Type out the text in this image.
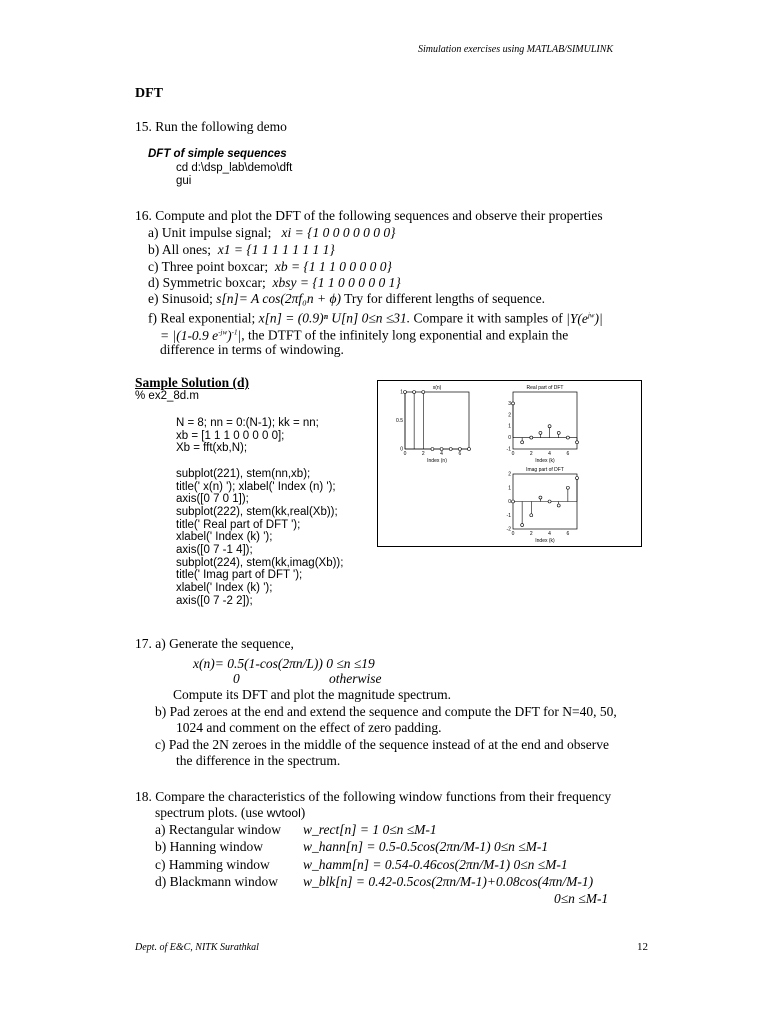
Simulation exercises using MATLAB/SIMULINK
DFT
15. Run the following demo
DFT of simple sequences
cd d:\dsp_lab\demo\dft
gui
16. Compute and plot the DFT of the following sequences and observe their properties
a) Unit impulse signal; xi = {1 0 0 0 0 0 0 0}
b) All ones; x1 = {1 1 1 1 1 1 1 1}
c) Three point boxcar; xb = {1 1 1 0 0 0 0 0}
d) Symmetric boxcar; xbsy = {1 1 0 0 0 0 0 1}
e) Sinusoid; s[n]= A cos(2πf₀n + ϕ) Try for different lengths of sequence.
f) Real exponential; x[n] = (0.9)ⁿ U[n] 0≤n ≤31. Compare it with samples of $|Y(e^{jw})|$
= |(1-0.9 $e^{-jw})^{-1}|$, the DTFT of the infinitely long exponential and explain the
difference in terms of windowing.
Sample Solution (d)
% ex2_8d.m
N = 8; nn = 0:(N-1); kk = nn;
xb = [1 1 1 0 0 0 0 0];
Xb = fft(xb,N);
subplot(221), stem(nn,xb);
title(' x(n) '); xlabel(' Index (n) ');
axis([0 7 0 1]);
subplot(222), stem(kk,real(Xb));
title(' Real part of DFT ');
xlabel(' Index (k) ');
axis([0 7 -1 4]);
subplot(224), stem(kk,imag(Xb));
title(' Imag part of DFT ');
xlabel(' Index (k) ');
axis([0 7 -2 2]);
x(n)
Index (n)
0	2	4	6
0
0.5
1
Real part of DFT
Index (k)
0	2	4	6
-1
0
1
2
3
Imag part of DFT
Index (k)
0	2	4	6
-2
-1
0
1
2
17. a) Generate the sequence,
x(n)= 0.5(1-cos(2πn/L)) 0 ≤n ≤19
0	otherwise
Compute its DFT and plot the magnitude spectrum.
b) Pad zeroes at the end and extend the sequence and compute the DFT for N=40, 50,
1024 and comment on the effect of zero padding.
c) Pad the 2N zeroes in the middle of the sequence instead of at the end and observe
the difference in the spectrum.
18. Compare the characteristics of the following window functions from their frequency
spectrum plots. (use wvtool)
a) Rectangular window w_rect[n] = 1 0≤n ≤M-1
b) Hanning window	w_hann[n] = 0.5-0.5cos(2πn/M-1) 0≤n ≤M-1
c) Hamming window w_hamm[n] = 0.54-0.46cos(2πn/M-1) 0≤n ≤M-1
d) Blackmann window w_blk[n] = 0.42-0.5cos(2πn/M-1)+0.08cos(4πn/M-1)
0≤n ≤M-1
Dept. of E&C, NITK Surathkal	12
